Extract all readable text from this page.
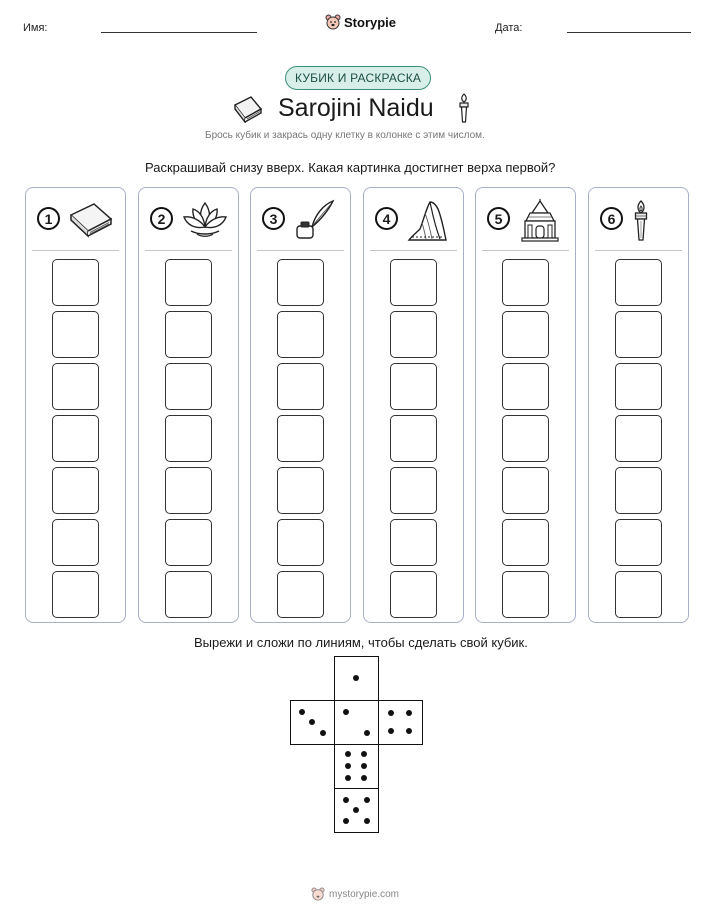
Имя:	Storypie	Дата:
КУБИК И РАСКРАСКА
Sarojini Naidu
Брось кубик и закрась одну клетку в колонке с этим числом.
Раскрашивай снизу вверх. Какая картинка достигнет верха первой?
1	2	3	4	5	6
Вырежи и сложи по линиям, чтобы сделать свой кубик.
mystorypie.com
